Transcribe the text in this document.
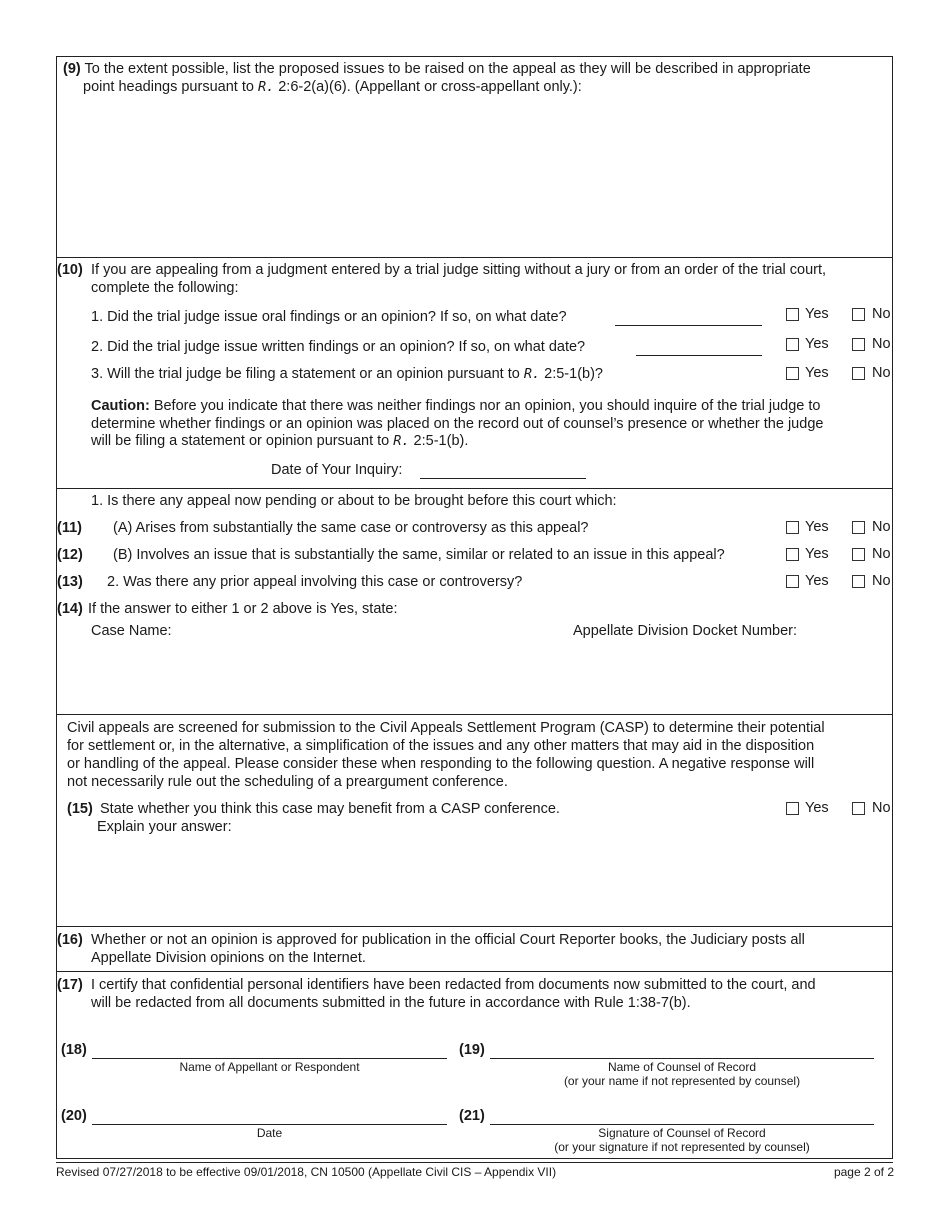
(9) To the extent possible, list the proposed issues to be raised on the appeal as they will be described in appropriate
point headings pursuant to R. 2:6-2(a)(6). (Appellant or cross-appellant only.):
(10) If you are appealing from a judgment entered by a trial judge sitting without a jury or from an order of the trial court,
complete the following:
1. Did the trial judge issue oral findings or an opinion? If so, on what date?	Yes	No
2. Did the trial judge issue written findings or an opinion? If so, on what date?	Yes	No
3. Will the trial judge be filing a statement or an opinion pursuant to R. 2:5-1(b)?	Yes	No
Caution: Before you indicate that there was neither findings nor an opinion, you should inquire of the trial judge to
determine whether findings or an opinion was placed on the record out of counsel’s presence or whether the judge
will be filing a statement or opinion pursuant to R. 2:5-1(b).
Date of Your Inquiry:
1. Is there any appeal now pending or about to be brought before this court which:
(11) (A) Arises from substantially the same case or controversy as this appeal?	Yes	No
(12) (B) Involves an issue that is substantially the same, similar or related to an issue in this appeal?	Yes	No
(13) 2. Was there any prior appeal involving this case or controversy?	Yes	No
(14) If the answer to either 1 or 2 above is Yes, state:
Case Name:	Appellate Division Docket Number:
Civil appeals are screened for submission to the Civil Appeals Settlement Program (CASP) to determine their potential
for settlement or, in the alternative, a simplification of the issues and any other matters that may aid in the disposition
or handling of the appeal. Please consider these when responding to the following question. A negative response will
not necessarily rule out the scheduling of a preargument conference.
(15) State whether you think this case may benefit from a CASP conference.	Yes	No
Explain your answer:
(16) Whether or not an opinion is approved for publication in the official Court Reporter books, the Judiciary posts all
Appellate Division opinions on the Internet.
(17) I certify that confidential personal identifiers have been redacted from documents now submitted to the court, and
will be redacted from all documents submitted in the future in accordance with Rule 1:38-7(b).
(18)
Name of Appellant or Respondent
(19)
Name of Counsel of Record
(or your name if not represented by counsel)
(20)
Date
(21)
Signature of Counsel of Record
(or your signature if not represented by counsel)
Revised 07/27/2018 to be effective 09/01/2018, CN 10500 (Appellate Civil CIS – Appendix VII)	page 2 of 2
